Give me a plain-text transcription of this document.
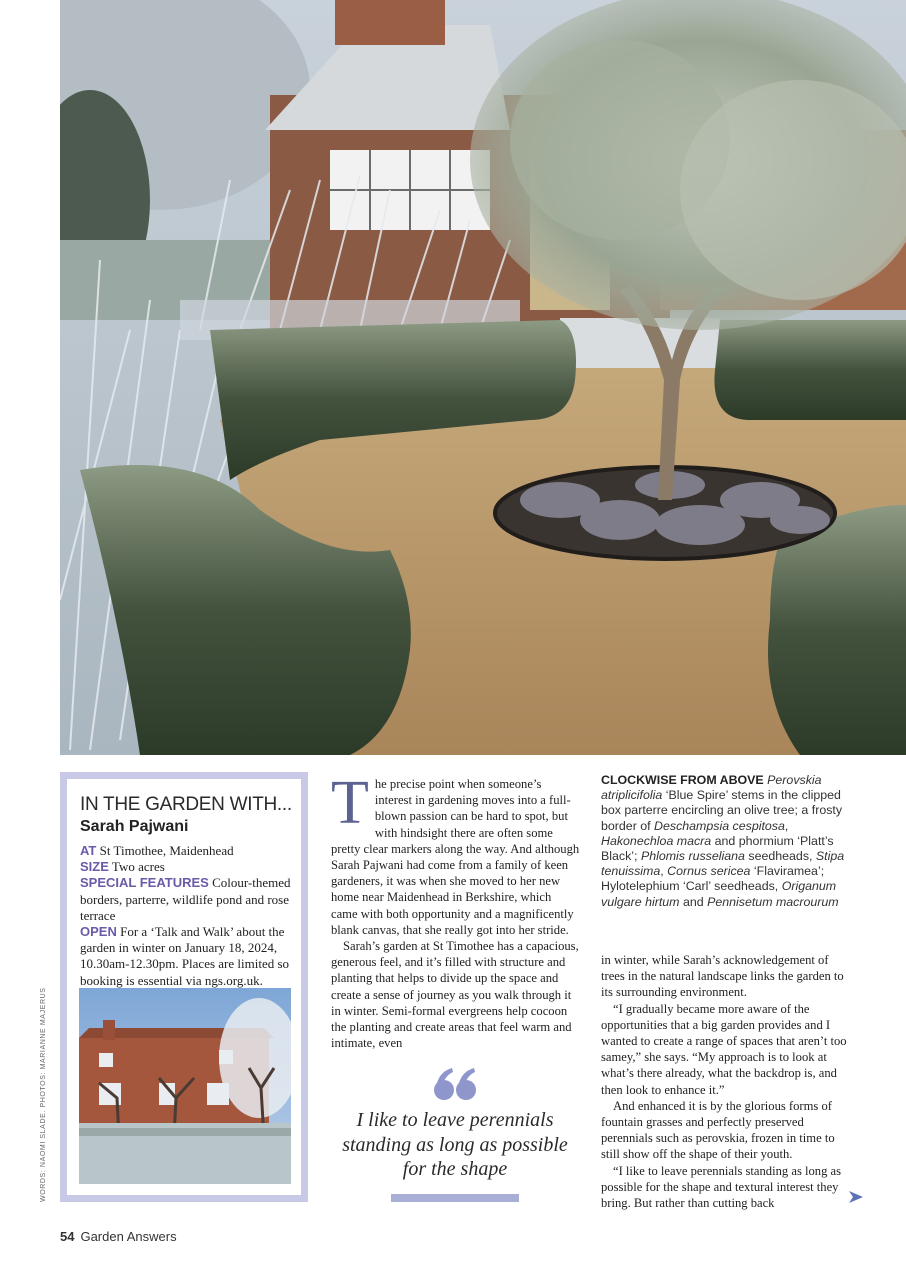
IN THE GARDEN WITH...
Sarah Pajwani
AT St Timothee, Maidenhead
SIZE Two acres
SPECIAL FEATURES Colour-themed borders, parterre, wildlife pond and rose terrace
OPEN For a ‘Talk and Walk’ about the garden in winter on January 18, 2024, 10.30am-12.30pm. Places are limited so booking is essential via ngs.org.uk.
WORDS: NAOMI SLADE. PHOTOS: MARIANNE MAJERUS

The precise point when someone’s interest in gardening moves into a full-blown passion can be hard to spot, but with hindsight there are often some pretty clear markers along the way. And although Sarah Pajwani had come from a family of keen gardeners, it was when she moved to her new home near Maidenhead in Berkshire, which came with both opportunity and a magnificently blank canvas, that she really got into her stride.

Sarah’s garden at St Timothee has a capacious, generous feel, and it’s filled with structure and planting that helps to divide up the space and create a sense of journey as you walk through it in winter. Semi-formal evergreens help cocoon the planting and create areas that feel warm and intimate, even

I like to leave perennials standing as long as possible for the shape
CLOCKWISE FROM ABOVE Perovskia atriplicifolia ‘Blue Spire’ stems in the clipped box parterre encircling an olive tree; a frosty border of Deschampsia cespitosa, Hakonechloa macra and phormium ‘Platt’s Black’; Phlomis russeliana seedheads, Stipa tenuissima, Cornus sericea ‘Flaviramea’; Hylotelephium ‘Carl’ seedheads, Origanum vulgare hirtum and Pennisetum macrourum

in winter, while Sarah’s acknowledgement of trees in the natural landscape links the garden to its surrounding environment.

“I gradually became more aware of the opportunities that a big garden provides and I wanted to create a range of spaces that aren’t too samey,” she says. “My approach is to look at what’s there already, what the backdrop is, and then look to enhance it.”

And enhanced it is by the glorious forms of fountain grasses and perfectly preserved perennials such as perovskia, frozen in time to still show off the shape of their youth.

“I like to leave perennials standing as long as possible for the shape and textural interest they bring. But rather than cutting back

54 Garden Answers
